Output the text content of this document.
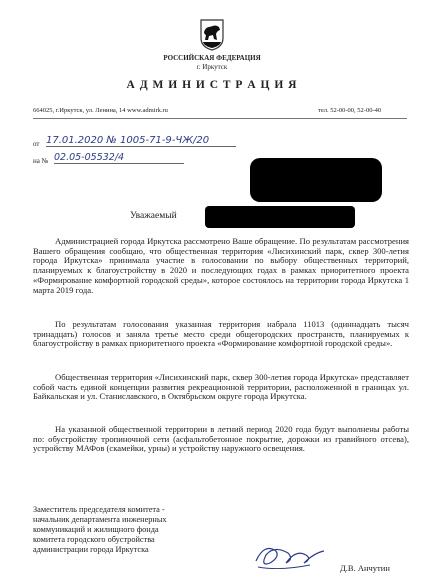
РОССИЙСКАЯ ФЕДЕРАЦИЯ
г. Иркутск
А Д М И Н И С Т Р А Ц И Я
664025, г.Иркутск, ул. Ленина, 14 www.admirk.ru	тел. 52-00-00, 52-00-40
от 17.01.2020 № 1005-71-9-ЧЖ/20
на № 02.05-05532/4
Уважаемый
Администрацией города Иркутска рассмотрено Ваше обращение. По результатам рассмотрения Вашего обращения сообщаю, что общественная территория «Лисихинский парк, сквер 300-летия города Иркутска» принимала участие в голосовании по выбору общественных территорий, планируемых к благоустройству в 2020 и последующих годах в рамках приоритетного проекта «Формирование комфортной городской среды», которое состоялось на территории города Иркутска 1 марта 2019 года.
По результатам голосования указанная территория набрала 11013 (одиннадцать тысяч тринадцать) голосов и заняла третье место среди общегородских пространств, планируемых к благоустройству в рамках приоритетного проекта «Формирование комфортной городской среды».
Общественная территория «Лисихинский парк, сквер 300-летия города Иркутска» представляет собой часть единой концепции развития рекреационной территории, расположенной в границах ул. Байкальская и ул. Станиславского, в Октябрьском округе города Иркутска.
На указанной общественной территории в летний период 2020 года будут выполнены работы по: обустройству тропиночной сети (асфальтобетонное покрытие, дорожки из гравийного отсева), устройству МАФов (скамейки, урны) и устройству наружного освещения.
Заместитель председателя комитета -
начальник департамента инженерных
коммуникаций и жилищного фонда
комитета городского обустройства
администрации города Иркутска
Д.В. Анчутин
